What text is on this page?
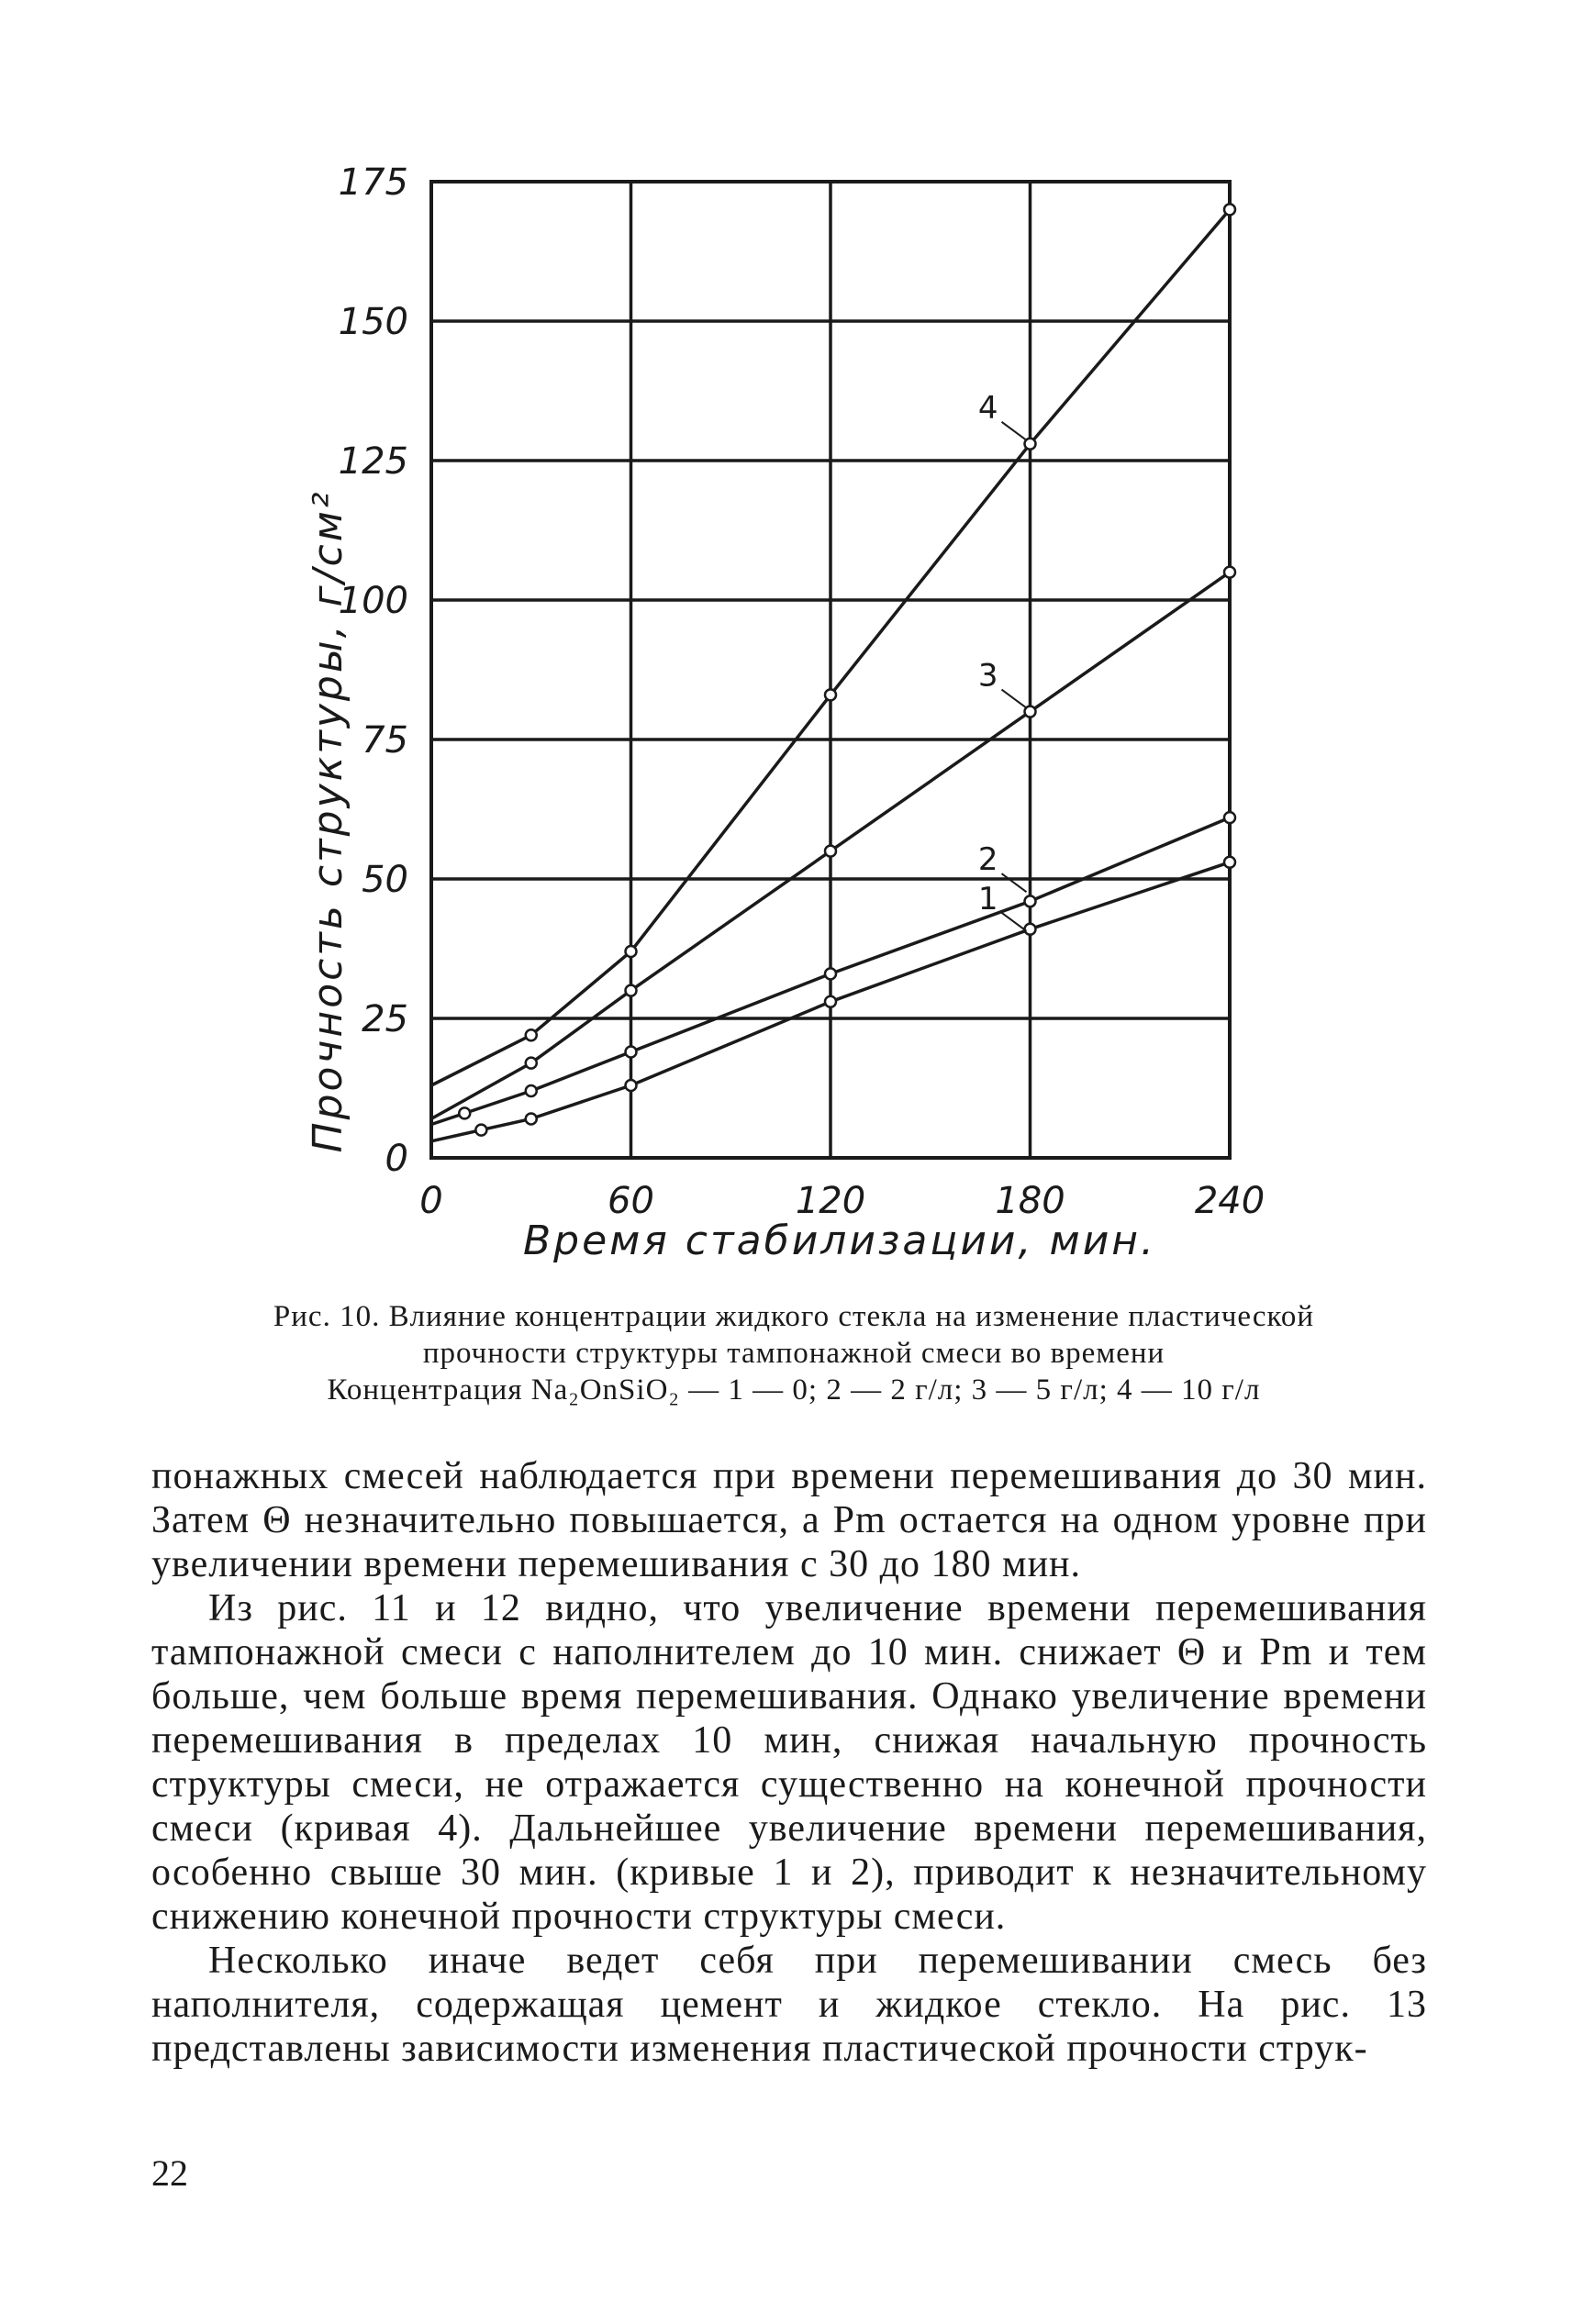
0
25
50
75
100
125
150
175
0	60	120	180	240
1
2
3
4
Прочность структуры, г/см²
Время стабилизации, мин.
Рис. 10. Влияние концентрации жидкого стекла на изменение пластической
прочности структуры тампонажной смеси во времени
Концентрация Na₂OnSiO₂ — 1 — 0; 2 — 2 г/л; 3 — 5 г/л; 4 — 10 г/л

понажных смесей наблюдается при времени перемешивания до 30 мин. Затем Θ незначительно повышается, а Pm остается на одном уровне при увеличении времени перемешивания с 30 до 180 мин.

Из рис. 11 и 12 видно, что увеличение времени перемешивания тампонажной смеси с наполнителем до 10 мин. снижает Θ и Pm и тем больше, чем больше время перемешивания. Однако увеличение времени перемешивания в пределах 10 мин, снижая начальную прочность структуры смеси, не отражается существенно на конечной прочности смеси (кривая 4). Дальнейшее увеличение времени перемешивания, особенно свыше 30 мин. (кривые 1 и 2), приводит к незначительному снижению конечной прочности структуры смеси.

Несколько иначе ведет себя при перемешивании смесь без наполнителя, содержащая цемент и жидкое стекло. На рис. 13 представлены зависимости изменения пластической прочности струк-

22
